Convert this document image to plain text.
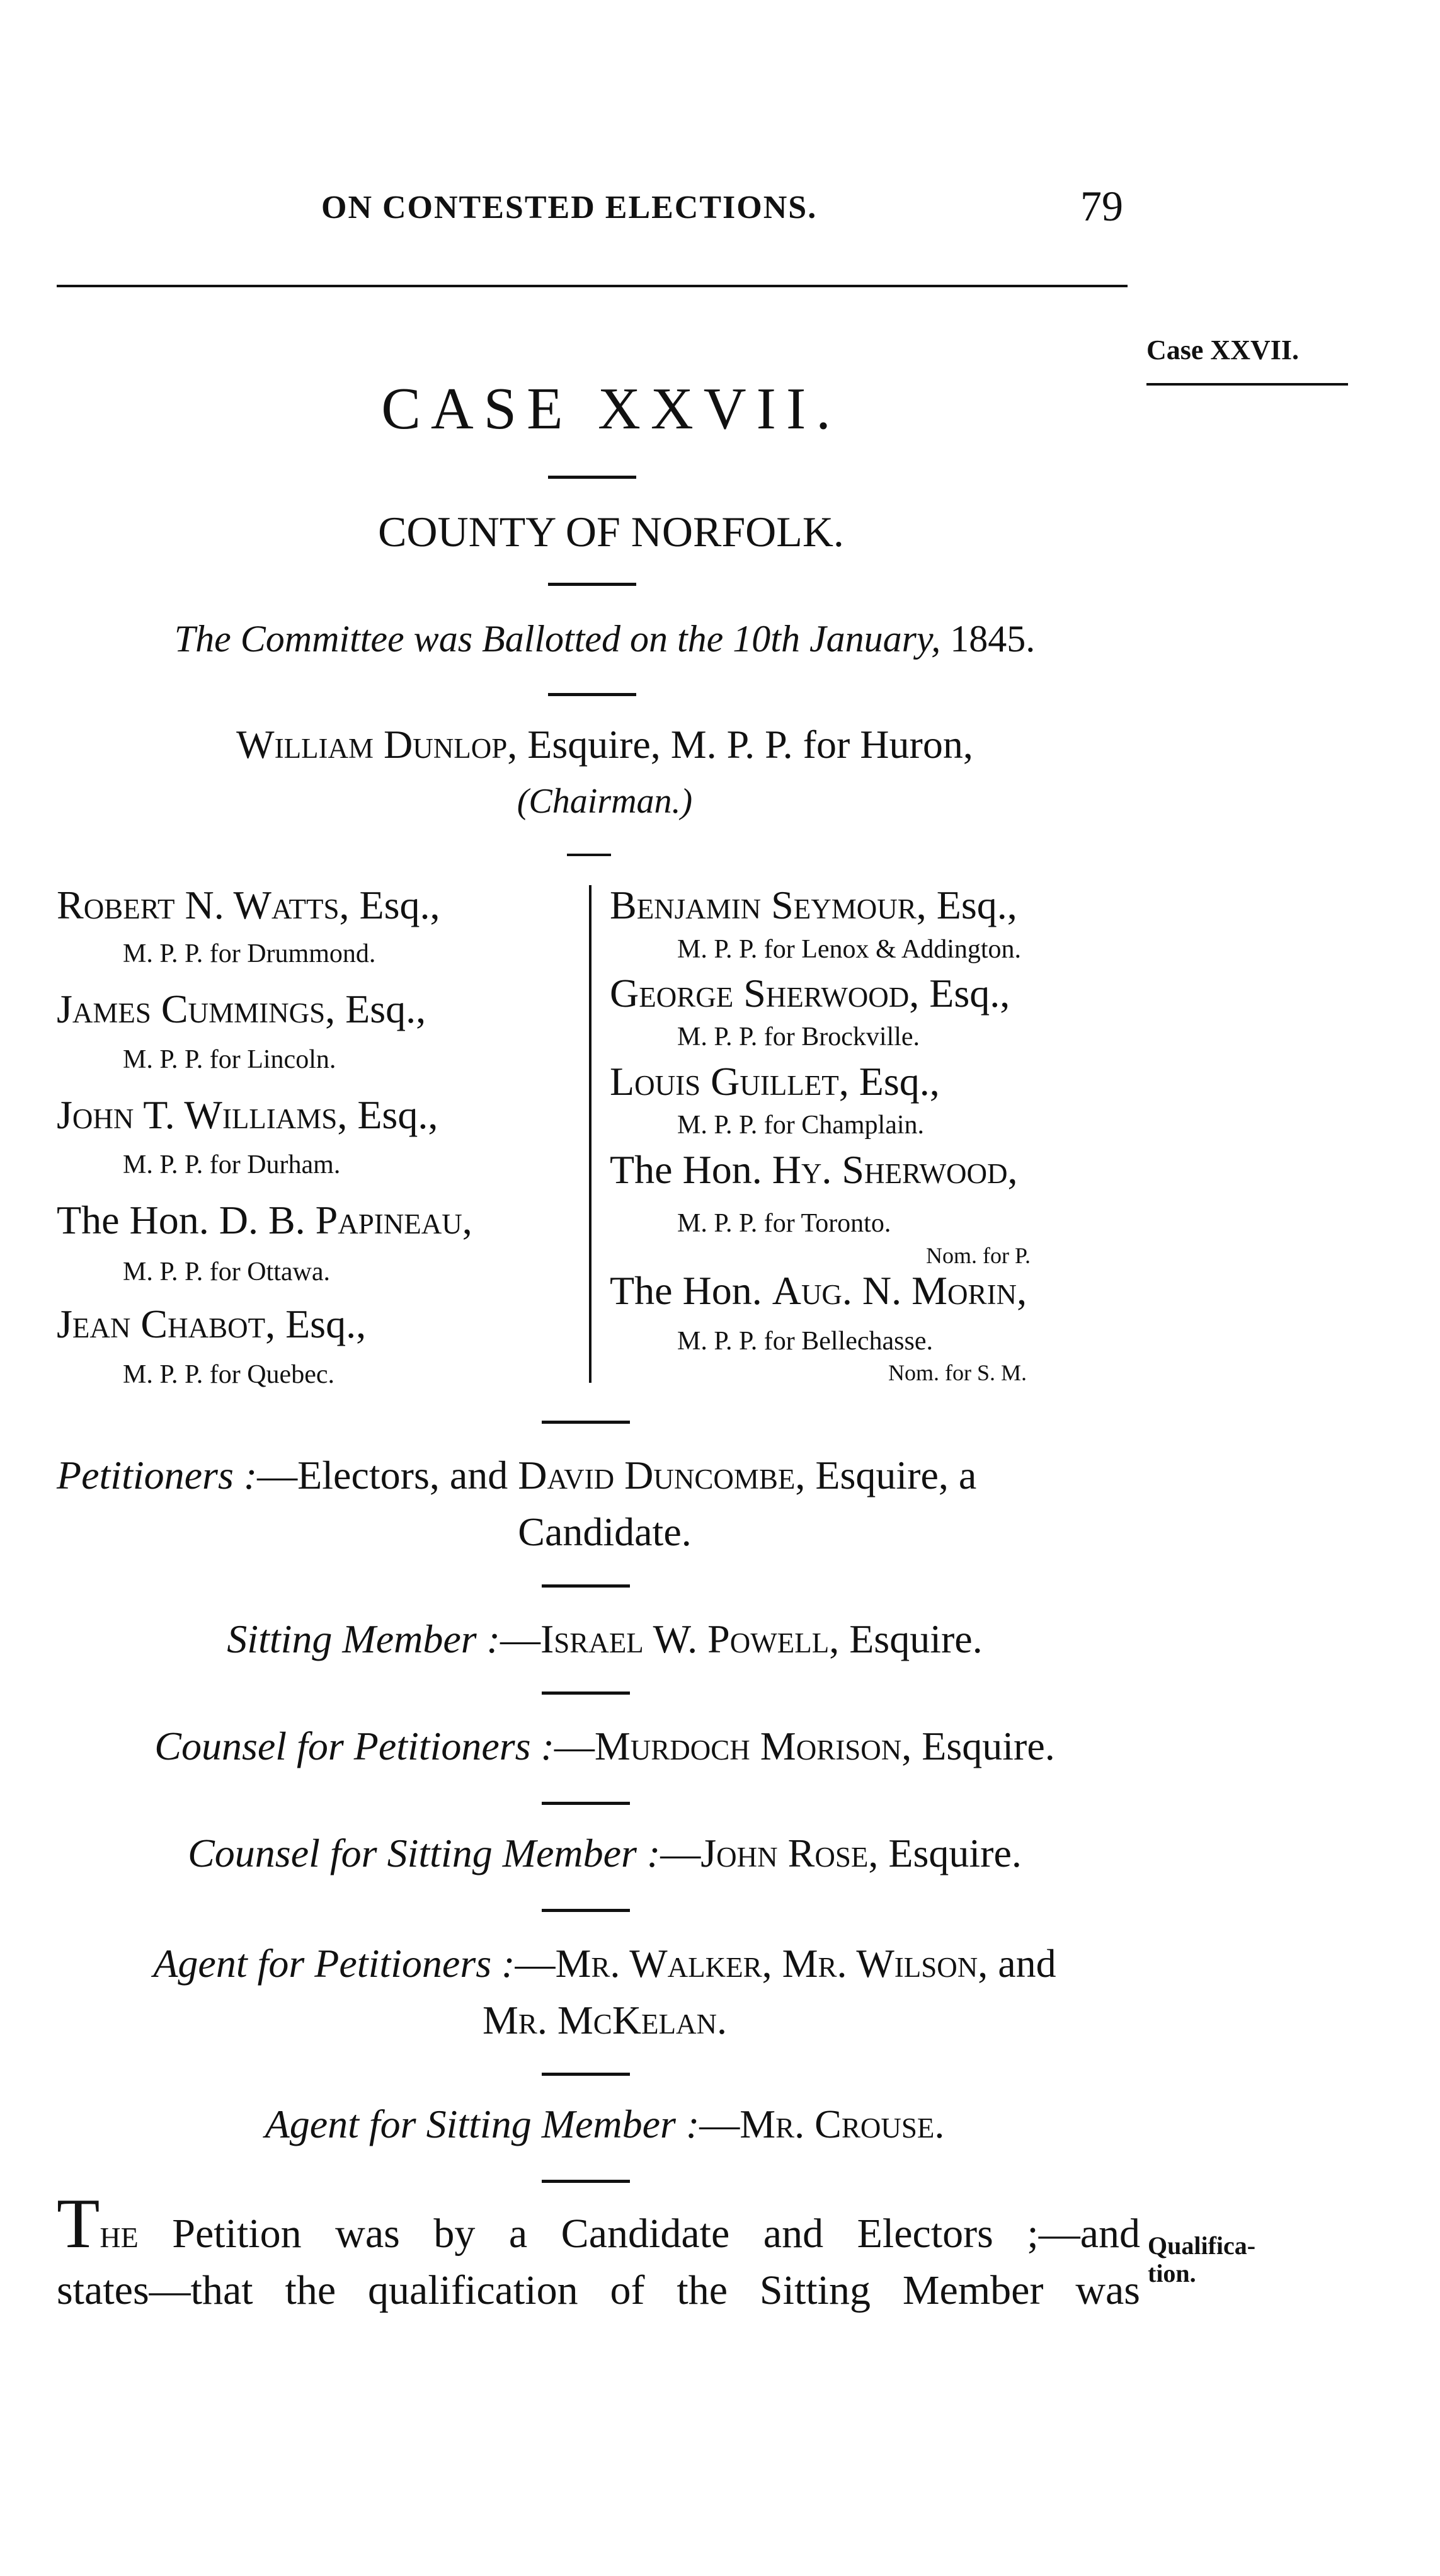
ON CONTESTED ELECTIONS.	79
Case XXVII.
CASE XXVII.
COUNTY OF NORFOLK.
The Committee was Ballotted on the 10th January, 1845.
William Dunlop, Esquire, M. P. P. for Huron,
(Chairman.)
Robert N. Watts, Esq.,
M. P. P. for Drummond.
James Cummings, Esq.,
M. P. P. for Lincoln.
John T. Williams, Esq.,
M. P. P. for Durham.
The Hon. D. B. Papineau,
M. P. P. for Ottawa.
Jean Chabot, Esq.,
M. P. P. for Quebec.
Benjamin Seymour, Esq.,
M. P. P. for Lenox & Addington.
George Sherwood, Esq.,
M. P. P. for Brockville.
Louis Guillet, Esq.,
M. P. P. for Champlain.
The Hon. Hy. Sherwood,
M. P. P. for Toronto.
Nom. for P.
The Hon. Aug. N. Morin,
M. P. P. for Bellechasse.
Nom. for S. M.
Petitioners :—Electors, and David Duncombe, Esquire, a
Candidate.
Sitting Member :—Israel W. Powell, Esquire.
Counsel for Petitioners :—Murdoch Morison, Esquire.
Counsel for Sitting Member :—John Rose, Esquire.
Agent for Petitioners :—Mr. Walker, Mr. Wilson, and
Mr. McKelan.
Agent for Sitting Member :—Mr. Crouse.
The Petition was by a Candidate and Electors ;—and
states—that the qualification of the Sitting Member was
Qualifica- tion.
